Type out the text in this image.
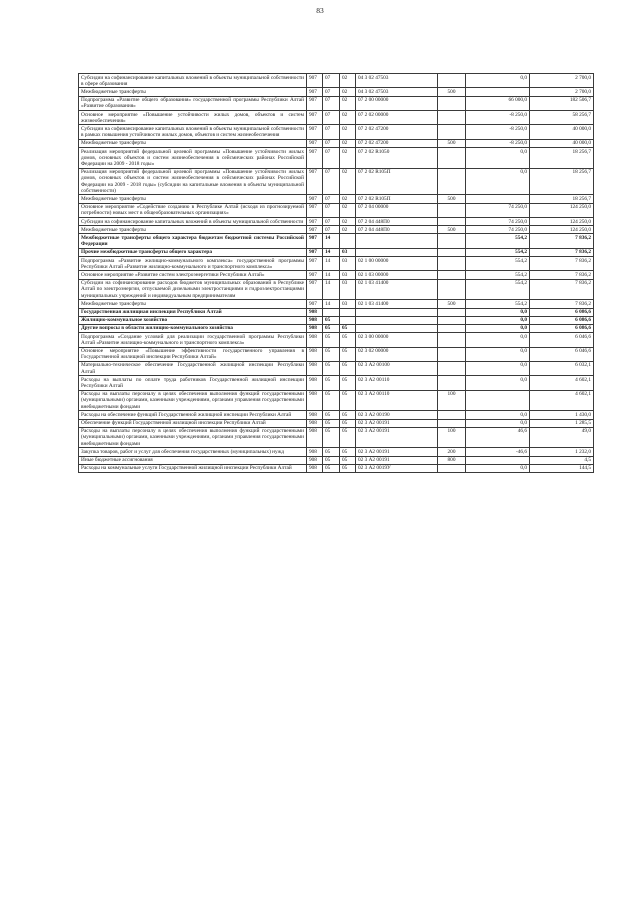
83
Субсидии на софинансирование капитальных вложений в объекты муниципальной собственности в сфере образования	907	07	02	04 3 02 47503		0,0	2 700,0
Межбюджетные трансферты	907	07	02	04 3 02 47503	500		2 700,0
Подпрограмма «Развитие общего образования» государственной программы Республики Алтай «Развитие образования»	907	07	02	07 2 00 00000		66 000,0	182 506,7
Основное мероприятие «Повышение устойчивости жилых домов, объектов и систем жизнеобеспечения»	907	07	02	07 2 02 00000		-8 250,0	58 256,7
Субсидии на софинансирование капитальных вложений в объекты муниципальной собственности в рамках повышения устойчивости жилых домов, объектов и систем жизнеобеспечения	907	07	02	07 2 02 47200		-8 250,0	40 000,0
Межбюджетные трансферты	907	07	02	07 2 02 47200	500	-8 250,0	40 000,0
Реализация мероприятий федеральной целевой программы «Повышение устойчивости жилых домов, основных объектов и систем жизнеобеспечения в сейсмических районах Российской Федерации на 2009 - 2018 годы»	907	07	02	07 2 02 R1050		0,0	18 256,7
Реализация мероприятий федеральной целевой программы «Повышение устойчивости жилых домов, основных объектов и систем жизнеобеспечения в сейсмических районах Российской Федерации на 2009 - 2018 годы» (субсидии на капитальные вложения в объекты муниципальной собственности)	907	07	02	07 2 02 R105П		0,0	18 256,7
Межбюджетные трансферты	907	07	02	07 2 02 R105П	500		18 256,7
Основное мероприятие «Содействие созданию в Республике Алтай (исходя из прогнозируемой потребности) новых мест в общеобразовательных организациях»	907	07	02	07 2 04 00000		74 250,0	124 250,0
Субсидии на софинансирование капитальных вложений в объекты муниципальной собственности	907	07	02	07 2 04 448П0		74 250,0	124 250,0
Межбюджетные трансферты	907	07	02	07 2 04 448П0	500	74 250,0	124 250,0
Межбюджетные трансферты общего характера бюджетам бюджетной системы Российской Федерации	907	14				554,2	7 836,2
Прочие межбюджетные трансферты общего характера	907	14	03			554,2	7 836,2
Подпрограмма «Развитие жилищно-коммунального комплекса» государственной программы Республики Алтай «Развитие жилищно-коммунального и транспортного комплекса»	907	14	03	02 1 00 00000		554,2	7 836,2
Основное мероприятие «Развитие систем электроэнергетики Республики Алтай»	907	14	03	02 1 03 00000		554,2	7 836,2
Субсидии на софинансирование расходов бюджетов муниципальных образований в Республике Алтай по электроэнергии, отпускаемой дизельными электростанциями и гидроэлектростанциями муниципальных учреждений и индивидуальным предпринимателям	907	14	03	02 1 03 41400		554,2	7 836,2
Межбюджетные трансферты	907	14	03	02 1 03 41400	500	554,2	7 836,2
Государственная жилищная инспекция Республики Алтай	908					0,0	6 086,6
Жилищно-коммунальное хозяйство	908	05				0,0	6 086,6
Другие вопросы в области жилищно-коммунального хозяйства	908	05	05			0,0	6 086,6
Подпрограмма «Создание условий для реализации государственной программы Республики Алтай «Развитие жилищно-коммунального и транспортного комплекса»	908	05	05	02 3 00 00000		0,0	6 046,6
Основное мероприятие «Повышение эффективности государственного управления в Государственной жилищной инспекции Республики Алтай»	908	05	05	02 3 02 00000		0,0	6 046,6
Материально-техническое обеспечение Государственной жилищной инспекции Республики Алтай	908	05	05	02 3 А2 00100		0,0	6 032,1
Расходы на выплаты по оплате труда работников Государственной жилищной инспекции Республики Алтай	908	05	05	02 3 А2 00110		0,0	4 602,1
Расходы на выплаты персоналу в целях обеспечения выполнения функций государственными (муниципальными) органами, казенными учреждениями, органами управления государственными внебюджетными фондами	908	05	05	02 3 А2 00110	100		4 602,1
Расходы на обеспечение функций Государственной жилищной инспекции Республики Алтай	908	05	05	02 3 А2 00190		0,0	1 430,0
Обеспечение функций Государственной жилищной инспекции Республики Алтай	908	05	05	02 3 А2 00191		0,0	1 285,5
Расходы на выплаты персоналу в целях обеспечения выполнения функций государственными (муниципальными) органами, казенными учреждениями, органами управления государственными внебюджетными фондами	908	05	05	02 3 А2 00191	100	46,6	49,0
Закупка товаров, работ и услуг для обеспечения государственных (муниципальных) нужд	908	05	05	02 3 А2 00191	200	-46,6	1 232,0
Иные бюджетные ассигнования	908	05	05	02 3 А2 00191	800		4,5
Расходы на коммунальные услуги Государственной жилищной инспекции Республики Алтай	908	05	05	02 3 А2 0019У		0,0	144,5
